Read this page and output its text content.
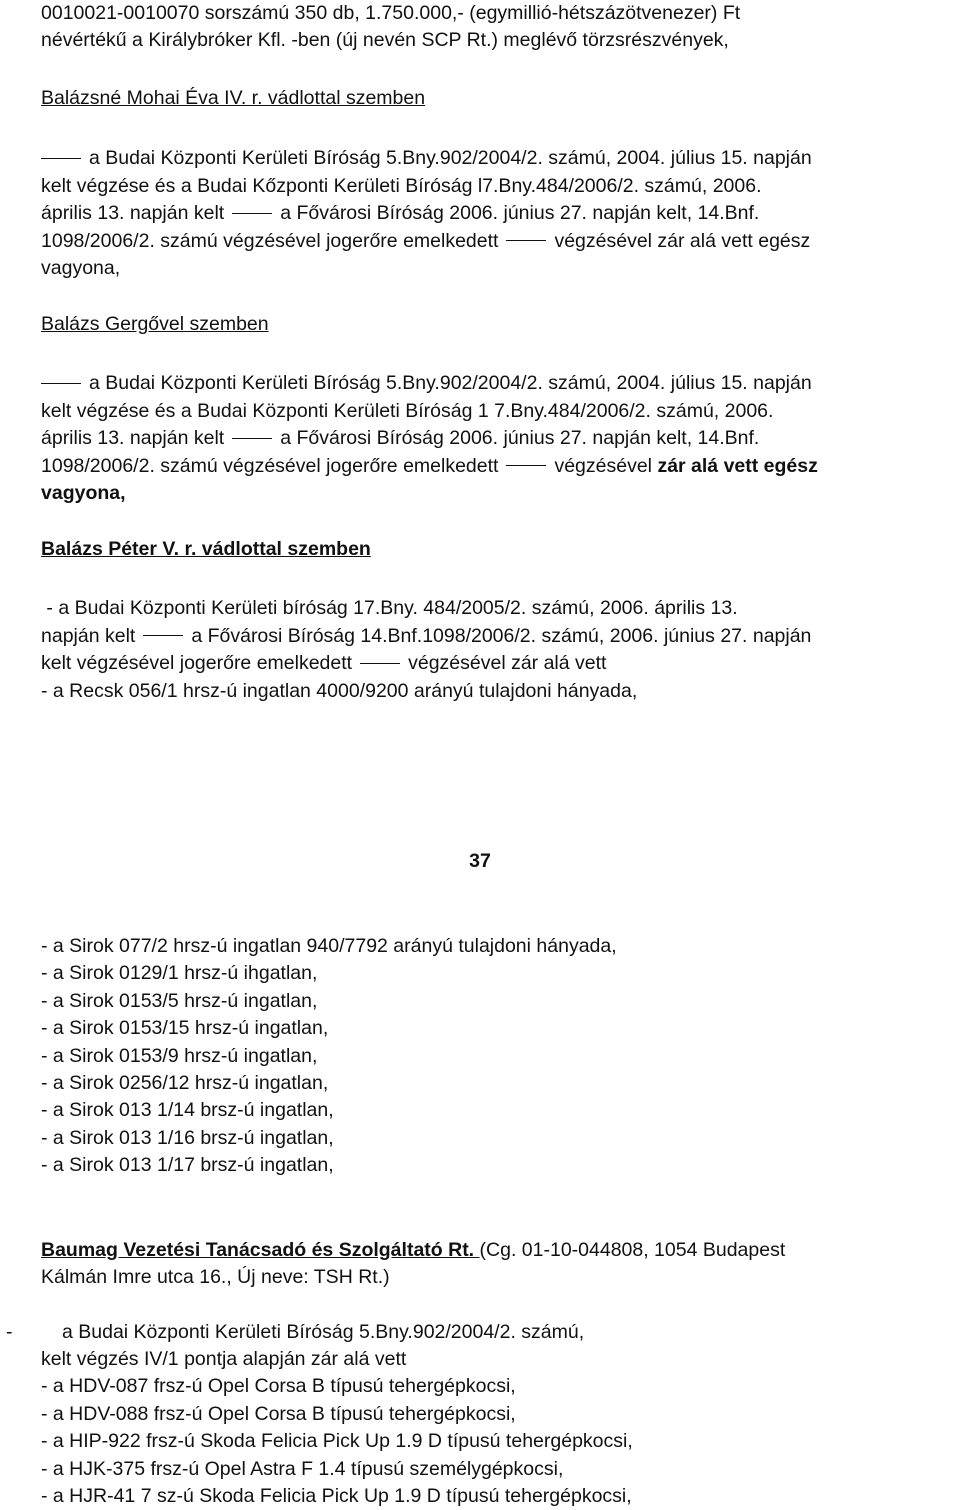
0010021-0010070 sorszámú 350 db, 1.750.000,- (egymillió-hétszázötvenezer) Ft
névértékű a Királybróker Kfl. -ben (új nevén SCP Rt.) meglévő törzsrészvények,
Balázsné Mohai Éva IV. r. vádlottal szemben
a Budai Központi Kerületi Bíróság 5.Bny.902/2004/2. számú, 2004. július 15. napján
kelt végzése és a Budai Kőzponti Kerületi Bíróság l7.Bny.484/2006/2. számú, 2006.
április 13. napján kelt	a Fővárosi Bíróság 2006. június 27. napján kelt, 14.Bnf.
1098/2006/2. számú végzésével jogerőre emelkedett	végzésével zár alá vett egész
vagyona,
Balázs Gergővel szemben
a Budai Központi Kerületi Bíróság 5.Bny.902/2004/2. számú, 2004. július 15. napján
kelt végzése és a Budai Központi Kerületi Bíróság 1 7.Bny.484/2006/2. számú, 2006.
április 13. napján kelt	a Fővárosi Bíróság 2006. június 27. napján kelt, 14.Bnf.
1098/2006/2. számú végzésével jogerőre emelkedett	végzésével zár alá vett egész
vagyona,
Balázs Péter V. r. vádlottal szemben
- a Budai Központi Kerületi bíróság 17.Bny. 484/2005/2. számú, 2006. április 13.
napján kelt	a Fővárosi Bíróság 14.Bnf.1098/2006/2. számú, 2006. június 27. napján
kelt végzésével jogerőre emelkedett	végzésével zár alá vett
- a Recsk 056/1 hrsz-ú ingatlan 4000/9200 arányú tulajdoni hányada,
37
- a Sirok 077/2 hrsz-ú ingatlan 940/7792 arányú tulajdoni hányada,
- a Sirok 0129/1 hrsz-ú ihgatlan,
- a Sirok 0153/5 hrsz-ú ingatlan,
- a Sirok 0153/15 hrsz-ú ingatlan,
- a Sirok 0153/9 hrsz-ú ingatlan,
- a Sirok 0256/12 hrsz-ú ingatlan,
- a Sirok 013 1/14 brsz-ú ingatlan,
- a Sirok 013 1/16 brsz-ú ingatlan,
- a Sirok 013 1/17 brsz-ú ingatlan,
Baumag Vezetési Tanácsadó és Szolgáltató Rt. (Cg. 01-10-044808, 1054 Budapest
Kálmán Imre utca 16., Új neve: TSH Rt.)
-	a Budai Központi Kerületi Bíróság 5.Bny.902/2004/2. számú,
kelt végzés IV/1 pontja alapján zár alá vett
- a HDV-087 frsz-ú Opel Corsa B típusú tehergépkocsi,
- a HDV-088 frsz-ú Opel Corsa B típusú tehergépkocsi,
- a HIP-922 frsz-ú Skoda Felicia Pick Up 1.9 D típusú tehergépkocsi,
- a HJK-375 frsz-ú Opel Astra F 1.4 típusú személygépkocsi,
- a HJR-41 7 sz-ú Skoda Felicia Pick Up 1.9 D típusú tehergépkocsi,
